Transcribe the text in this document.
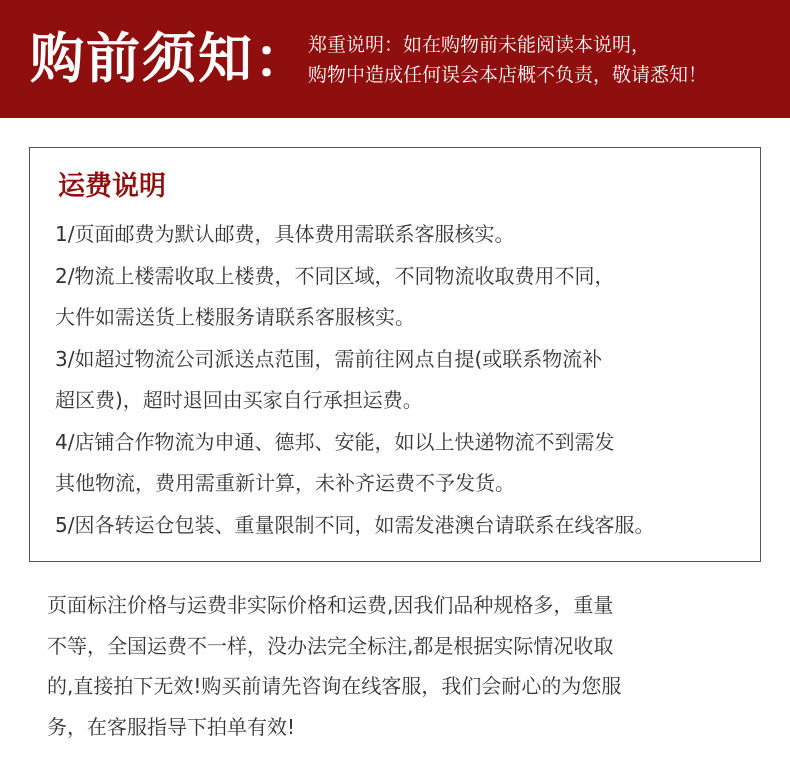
购前须知：
郑重说明：如在购物前未能阅读本说明，
购物中造成任何误会本店概不负责，敬请悉知！
运费说明
1/页面邮费为默认邮费，具体费用需联系客服核实。
2/物流上楼需收取上楼费，不同区域，不同物流收取费用不同，
大件如需送货上楼服务请联系客服核实。
3/如超过物流公司派送点范围，需前往网点自提(或联系物流补
超区费)，超时退回由买家自行承担运费。
4/店铺合作物流为申通、德邦、安能，如以上快递物流不到需发
其他物流，费用需重新计算，未补齐运费不予发货。
5/因各转运仓包装、重量限制不同，如需发港澳台请联系在线客服。
页面标注价格与运费非实际价格和运费,因我们品种规格多，重量
不等，全国运费不一样，没办法完全标注,都是根据实际情况收取
的,直接拍下无效!购买前请先咨询在线客服，我们会耐心的为您服
务，在客服指导下拍单有效!
